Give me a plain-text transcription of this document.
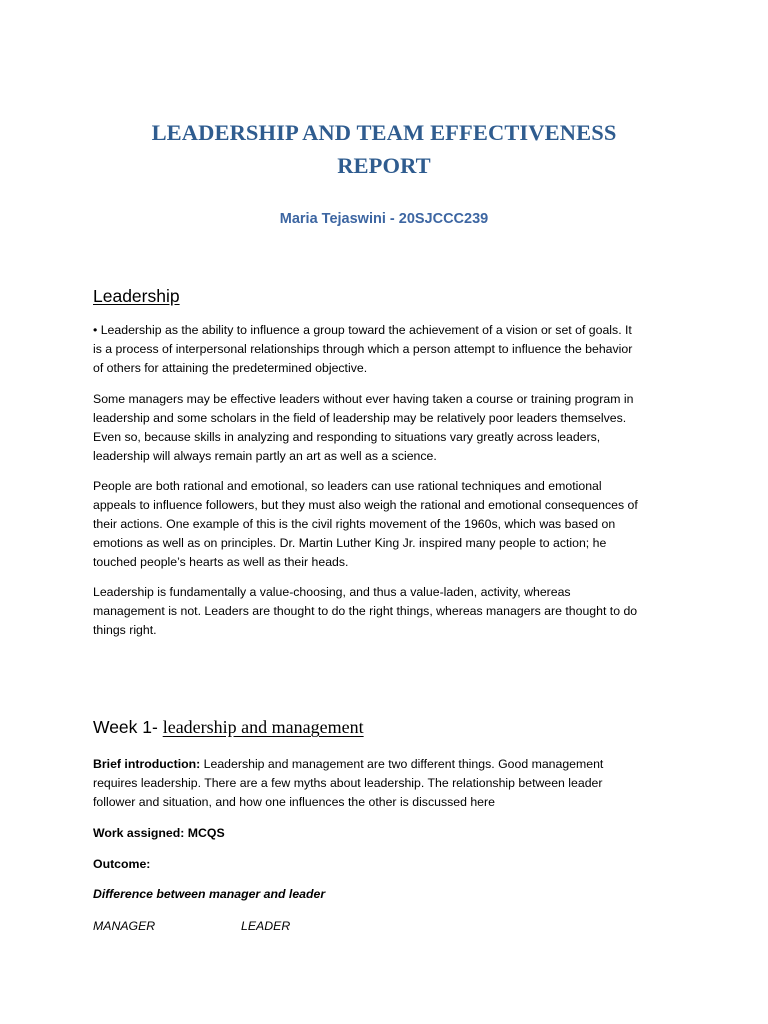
LEADERSHIP AND TEAM EFFECTIVENESS
REPORT
Maria Tejaswini - 20SJCCC239
Leadership
• Leadership as the ability to influence a group toward the achievement of a vision or set of goals. It
is a process of interpersonal relationships through which a person attempt to influence the behavior
of others for attaining the predetermined objective.
Some managers may be effective leaders without ever having taken a course or training program in
leadership and some scholars in the field of leadership may be relatively poor leaders themselves.
Even so, because skills in analyzing and responding to situations vary greatly across leaders,
leadership will always remain partly an art as well as a science.
People are both rational and emotional, so leaders can use rational techniques and emotional
appeals to influence followers, but they must also weigh the rational and emotional consequences of
their actions. One example of this is the civil rights movement of the 1960s, which was based on
emotions as well as on principles. Dr. Martin Luther King Jr. inspired many people to action; he
touched people’s hearts as well as their heads.
Leadership is fundamentally a value-choosing, and thus a value-laden, activity, whereas
management is not. Leaders are thought to do the right things, whereas managers are thought to do
things right.
Week 1- leadership and management
Brief introduction: Leadership and management are two different things. Good management
requires leadership. There are a few myths about leadership. The relationship between leader
follower and situation, and how one influences the other is discussed here
Work assigned: MCQS
Outcome:
Difference between manager and leader
MANAGER	LEADER
